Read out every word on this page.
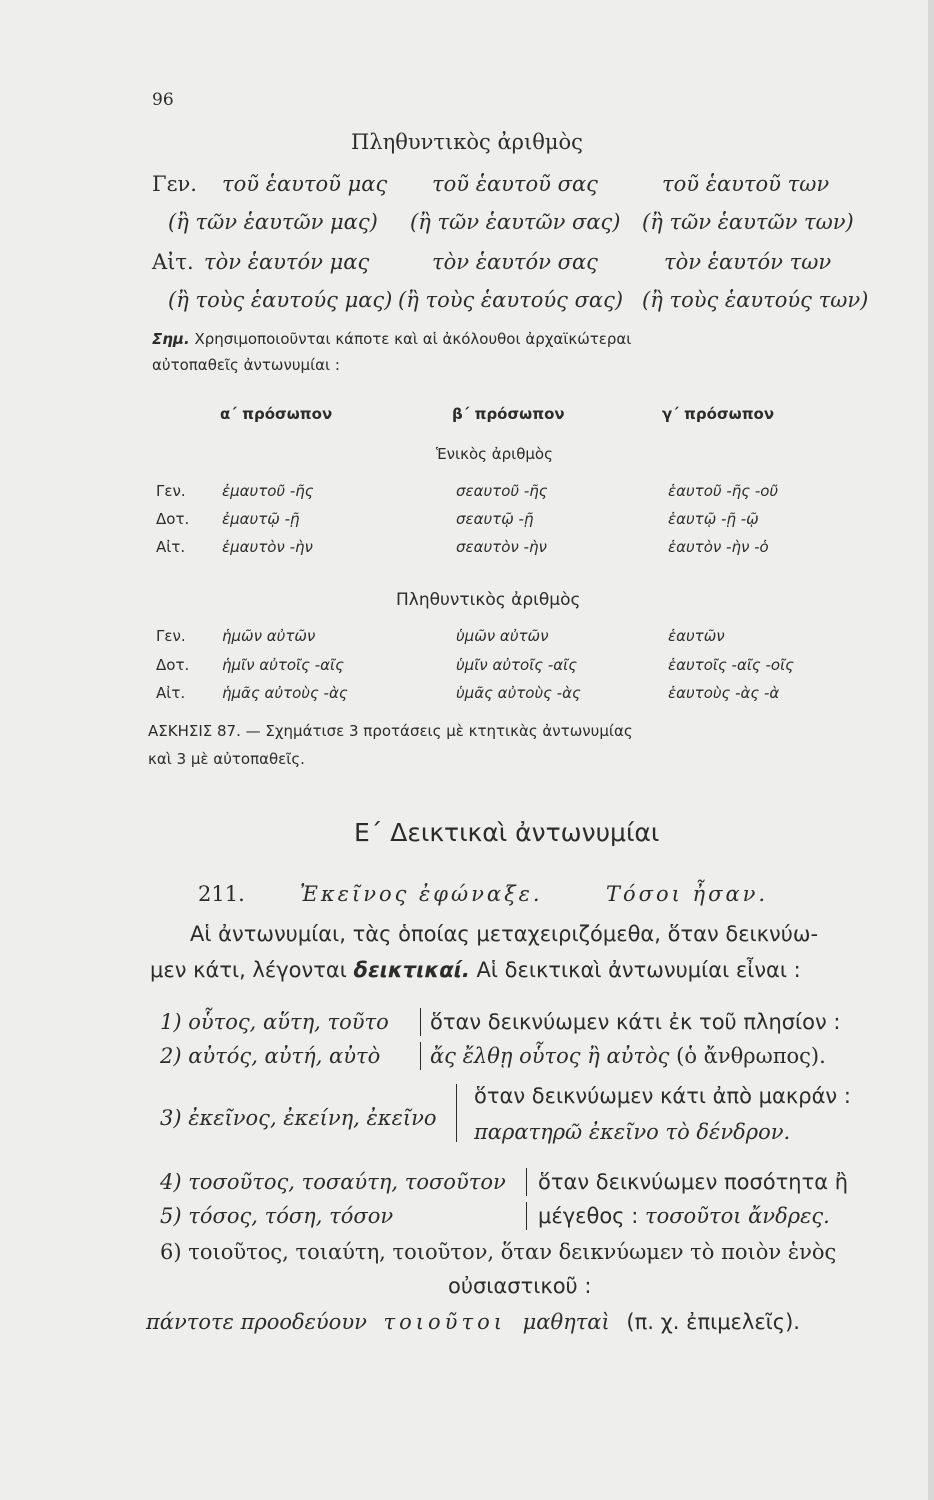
96
Πληθυντικὸς ἀριθμὸς
Γεν. τοῦ ἑαυτοῦ μας τοῦ ἑαυτοῦ σας	τοῦ ἑαυτοῦ των
(ἢ τῶν ἑαυτῶν μας) (ἢ τῶν ἑαυτῶν σας) (ἢ τῶν ἑαυτῶν των)
Αἰτ. τὸν ἑαυτόν μας	τὸν ἑαυτόν σας	τὸν ἑαυτόν των
(ἢ τοὺς ἑαυτούς μας) (ἢ τοὺς ἑαυτούς σας) (ἢ τοὺς ἑαυτούς των)
Σημ. Χρησιμοποιοῦνται κάποτε καὶ αἱ ἀκόλουθοι ἀρχαϊκώτεραι
αὐτοπαθεῖς ἀντωνυμίαι :
α΄ πρόσωπον	β΄ πρόσωπον	γ΄ πρόσωπον
Ἑνικὸς ἀριθμὸς
Γεν. ἐμαυτοῦ -ῆς	σεαυτοῦ -ῆς	ἑαυτοῦ -ῆς -οῦ
Δοτ. ἐμαυτῷ -ῇ	σεαυτῷ -ῇ	ἑαυτῷ -ῇ -ῷ
Αἰτ. ἐμαυτὸν -ὴν	σεαυτὸν -ὴν	ἑαυτὸν -ὴν -ὁ
Πληθυντικὸς ἀριθμὸς
Γεν. ἡμῶν αὐτῶν	ὑμῶν αὐτῶν	ἑαυτῶν
Δοτ. ἡμῖν αὐτοῖς -αῖς	ὑμῖν αὐτοῖς -αῖς	ἑαυτοῖς -αῖς -οῖς
Αἰτ. ἡμᾶς αὐτοὺς -ὰς	ὑμᾶς αὐτοὺς -ὰς	ἑαυτοὺς -ὰς -ὰ
ΑΣΚΗΣΙΣ 87. — Σχημάτισε 3 προτάσεις μὲ κτητικὰς ἀντωνυμίας
καὶ 3 μὲ αὐτοπαθεῖς.
Ε΄ Δεικτικαὶ ἀντωνυμίαι
211.	Ἐκεῖνος ἐφώναξε.	Τόσοι ἦσαν.
Αἱ ἀντωνυμίαι, τὰς ὁποίας μεταχειριζόμεθα, ὅταν δεικνύω-
μεν κάτι, λέγονται δεικτικαί. Αἱ δεικτικαὶ ἀντωνυμίαι εἶναι :
1) οὗτος, αὕτη, τοῦτο ὅταν δεικνύωμεν κάτι ἐκ τοῦ πλησίον :
2) αὐτός, αὐτή, αὐτὸ ἄς ἔλθῃ οὗτος ἢ αὐτὸς (ὁ ἄνθρωπος).
3) ἐκεῖνος, ἐκείνη, ἐκεῖνο
ὅταν δεικνύωμεν κάτι ἀπὸ μακράν :
παρατηρῶ ἐκεῖνο τὸ δένδρον.
4) τοσοῦτος, τοσαύτη, τοσοῦτον ὅταν δεικνύωμεν ποσότητα ἢ
5) τόσος, τόση, τόσον	μέγεθος : τοσοῦτοι ἄνδρες.
6) τοιοῦτος, τοιαύτη, τοιοῦτον, ὅταν δεικνύωμεν τὸ ποιὸν ἑνὸς
οὐσιαστικοῦ :
πάντοτε προοδεύουν τοιοῦτοι μαθηταὶ (π. χ. ἐπιμελεῖς).
